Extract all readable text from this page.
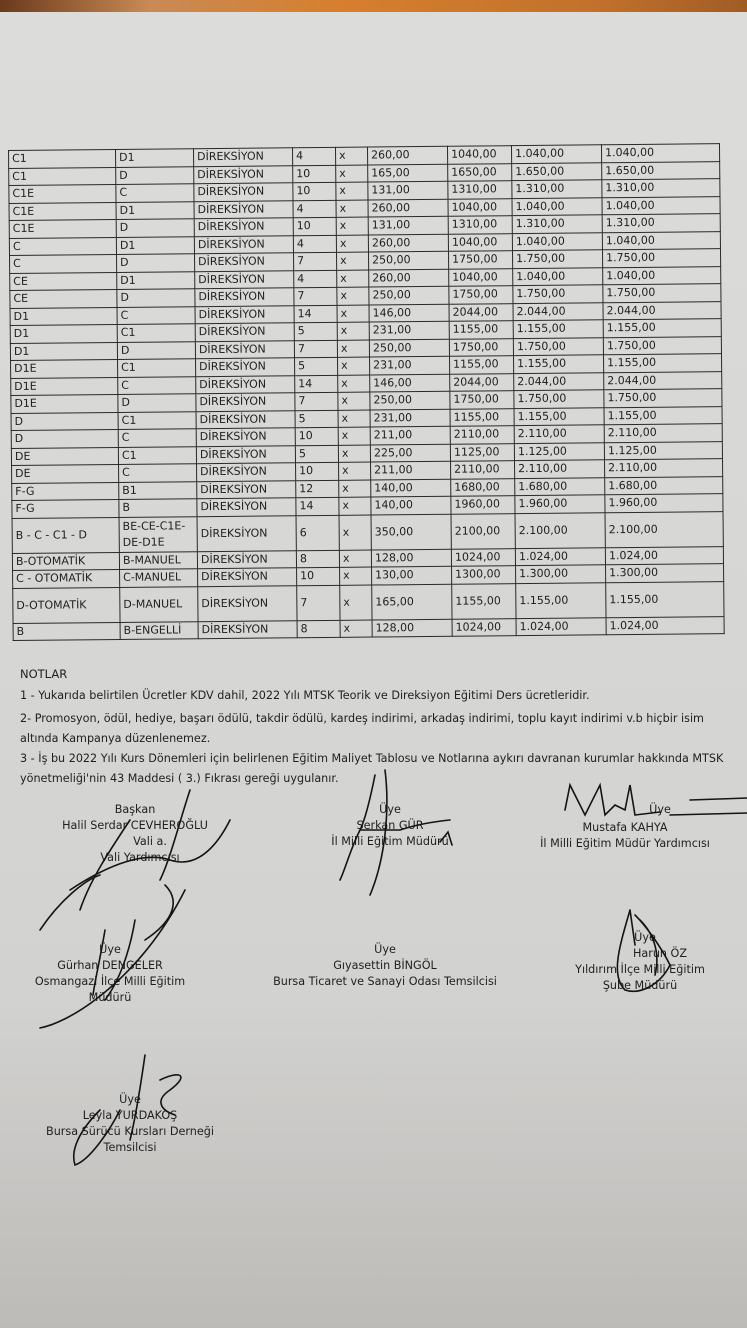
C1	D1	DİREKSİYON	4	x	260,00	1040,00	1.040,00	1.040,00
C1	D	DİREKSİYON	10	x	165,00	1650,00	1.650,00	1.650,00
C1E	C	DİREKSİYON	10	x	131,00	1310,00	1.310,00	1.310,00
C1E	D1	DİREKSİYON	4	x	260,00	1040,00	1.040,00	1.040,00
C1E	D	DİREKSİYON	10	x	131,00	1310,00	1.310,00	1.310,00
C	D1	DİREKSİYON	4	x	260,00	1040,00	1.040,00	1.040,00
C	D	DİREKSİYON	7	x	250,00	1750,00	1.750,00	1.750,00
CE	D1	DİREKSİYON	4	x	260,00	1040,00	1.040,00	1.040,00
CE	D	DİREKSİYON	7	x	250,00	1750,00	1.750,00	1.750,00
D1	C	DİREKSİYON	14	x	146,00	2044,00	2.044,00	2.044,00
D1	C1	DİREKSİYON	5	x	231,00	1155,00	1.155,00	1.155,00
D1	D	DİREKSİYON	7	x	250,00	1750,00	1.750,00	1.750,00
D1E	C1	DİREKSİYON	5	x	231,00	1155,00	1.155,00	1.155,00
D1E	C	DİREKSİYON	14	x	146,00	2044,00	2.044,00	2.044,00
D1E	D	DİREKSİYON	7	x	250,00	1750,00	1.750,00	1.750,00
D	C1	DİREKSİYON	5	x	231,00	1155,00	1.155,00	1.155,00
D	C	DİREKSİYON	10	x	211,00	2110,00	2.110,00	2.110,00
DE	C1	DİREKSİYON	5	x	225,00	1125,00	1.125,00	1.125,00
DE	C	DİREKSİYON	10	x	211,00	2110,00	2.110,00	2.110,00
F-G	B1	DİREKSİYON	12	x	140,00	1680,00	1.680,00	1.680,00
F-G	B	DİREKSİYON	14	x	140,00	1960,00	1.960,00	1.960,00
B - C - C1 - D	BE-CE-C1E-DE-D1E	DİREKSİYON	6	x	350,00	2100,00	2.100,00	2.100,00
B-OTOMATİK	B-MANUEL	DİREKSİYON	8	x	128,00	1024,00	1.024,00	1.024,00
C - OTOMATİK	C-MANUEL	DİREKSİYON	10	x	130,00	1300,00	1.300,00	1.300,00
D-OTOMATİK	D-MANUEL	DİREKSİYON	7	x	165,00	1155,00	1.155,00	1.155,00
B	B-ENGELLİ	DİREKSİYON	8	x	128,00	1024,00	1.024,00	1.024,00
NOTLAR
1 - Yukarıda belirtilen Ücretler KDV dahil, 2022 Yılı MTSK Teorik ve Direksiyon Eğitimi Ders ücretleridir.
2- Promosyon, ödül, hediye, başarı ödülü, takdir ödülü, kardeş indirimi, arkadaş indirimi, toplu kayıt indirimi v.b hiçbir isim altında Kampanya düzenlenemez.
3 - İş bu 2022 Yılı Kurs Dönemleri için belirlenen Eğitim Maliyet Tablosu ve Notlarına aykırı davranan kurumlar hakkında MTSK yönetmeliği'nin 43 Maddesi ( 3.) Fıkrası gereği uygulanır.
Başkan
Halil Serdar CEVHEROĞLU
Vali a.
Vali Yardımcısı
Üye
Serkan GÜR
İl Milli Eğitim Müdürü
Mustafa KAHYA
İl Milli Eğitim Müdür Yardımcısı
Üye
Üye
Gürhan DENGELER
Osmangazi İlçe Milli Eğitim
Müdürü
Üye
Gıyasettin BİNGÖL
Bursa Ticaret ve Sanayi Odası Temsilcisi
Üye
Harun ÖZ
Yıldırım İlçe Milli Eğitim
Şube Müdürü
Üye
Leyla YURDAKOŞ
Bursa Sürücü Kursları Derneği
Temsilcisi
